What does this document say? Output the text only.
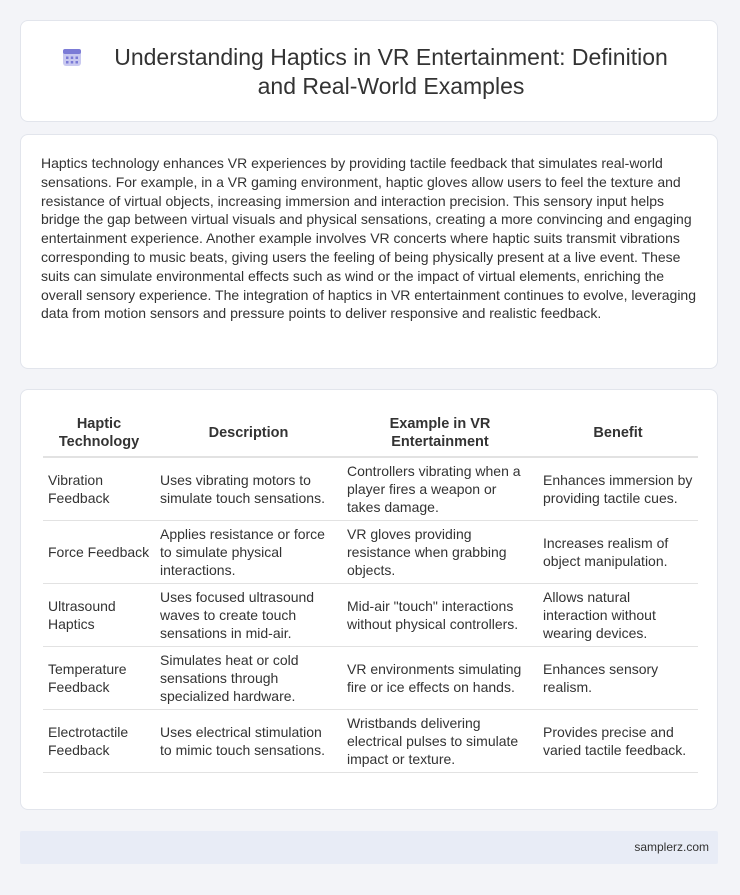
Understanding Haptics in VR Entertainment: Definition and Real-World Examples

Haptics technology enhances VR experiences by providing tactile feedback that simulates real-world sensations. For example, in a VR gaming environment, haptic gloves allow users to feel the texture and resistance of virtual objects, increasing immersion and interaction precision. This sensory input helps bridge the gap between virtual visuals and physical sensations, creating a more convincing and engaging entertainment experience. Another example involves VR concerts where haptic suits transmit vibrations corresponding to music beats, giving users the feeling of being physically present at a live event. These suits can simulate environmental effects such as wind or the impact of virtual elements, enriching the overall sensory experience. The integration of haptics in VR entertainment continues to evolve, leveraging data from motion sensors and pressure points to deliver responsive and realistic feedback.

Haptic Technology	Description	Example in VR Entertainment	Benefit
Vibration Feedback	Uses vibrating motors to simulate touch sensations.	Controllers vibrating when a player fires a weapon or takes damage.	Enhances immersion by providing tactile cues.
Force Feedback	Applies resistance or force to simulate physical interactions.	VR gloves providing resistance when grabbing objects.	Increases realism of object manipulation.
Ultrasound Haptics	Uses focused ultrasound waves to create touch sensations in mid-air.	Mid-air "touch" interactions without physical controllers.	Allows natural interaction without wearing devices.
Temperature Feedback	Simulates heat or cold sensations through specialized hardware.	VR environments simulating fire or ice effects on hands.	Enhances sensory realism.
Electrotactile Feedback	Uses electrical stimulation to mimic touch sensations.	Wristbands delivering electrical pulses to simulate impact or texture.	Provides precise and varied tactile feedback.
samplerz.com
